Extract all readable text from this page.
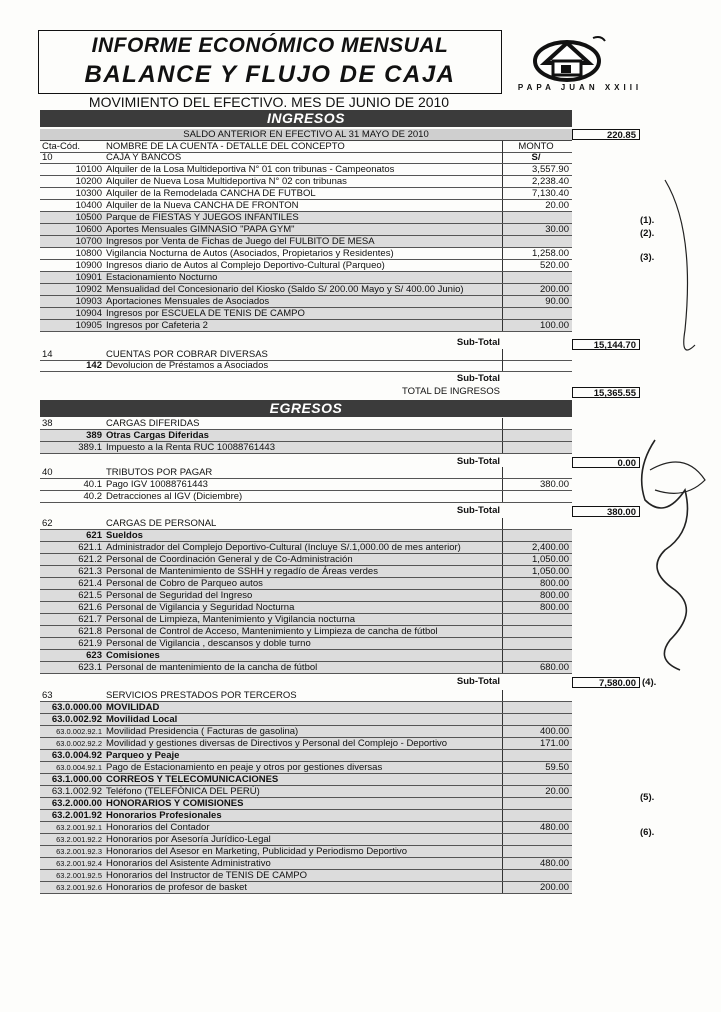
INFORME ECONÓMICO MENSUAL
BALANCE Y FLUJO DE CAJA	PAPA JUAN XXIII
MOVIMIENTO DEL EFECTIVO. MES DE JUNIO DE 2010
INGRESOS
SALDO ANTERIOR EN EFECTIVO AL 31 MAYO DE 2010	220.85
Cta-Cód.	NOMBRE DE LA CUENTA - DETALLE DEL CONCEPTO	MONTO
10	CAJA Y BANCOS	S/
10100 Alquiler de la Losa Multideportiva N° 01 con tribunas - Campeonatos	3,557.90
10200 Alquiler de Nueva Losa Multideportiva N° 02 con tribunas	2,238.40
10300 Alquiler de la Remodelada CANCHA DE FUTBOL	7,130.40
10400 Alquiler de la Nueva CANCHA DE FRONTON	20.00
10500 Parque de FIESTAS Y JUEGOS INFANTILES
10600 Aportes Mensuales GIMNASIO "PAPA GYM"	30.00
10700 Ingresos por Venta de Fichas de Juego del FULBITO DE MESA
10800 Vigilancia Nocturna de Autos (Asociados, Propietarios y Residentes)	1,258.00
10900 Ingresos diario de Autos al Complejo Deportivo-Cultural (Parqueo)	520.00
10901 Estacionamiento Nocturno
10902 Mensualidad del Concesionario del Kiosko (Saldo S/ 200.00 Mayo y S/ 400.00 Junio)	200.00
10903 Aportaciones Mensuales de Asociados	90.00
10904 Ingresos por ESCUELA DE TENIS DE CAMPO
10905 Ingresos por Cafeteria 2	100.00
Sub-Total	15,144.70
14	CUENTAS POR COBRAR DIVERSAS
142 Devolucion de Préstamos a Asociados
Sub-Total
TOTAL DE INGRESOS	15,365.55
(1).
(2).
(3).
EGRESOS
38	CARGAS DIFERIDAS
389 Otras Cargas Diferidas
389.1 Impuesto a la Renta RUC 10088761443
Sub-Total	0.00
40	TRIBUTOS POR PAGAR
40.1 Pago IGV 10088761443	380.00
40.2 Detracciones al IGV (Diciembre)
Sub-Total	380.00
62	CARGAS DE PERSONAL
621 Sueldos
621.1 Administrador del Complejo Deportivo-Cultural (Incluye S/.1,000.00 de mes anterior)	2,400.00
621.2 Personal de Coordinación General y de Co-Administración	1,050.00
621.3 Personal de Mantenimiento de SSHH y regadío de Áreas verdes	1,050.00
621.4 Personal de Cobro de Parqueo autos	800.00
621.5 Personal de Seguridad del Ingreso	800.00
621.6 Personal de Vigilancia y Seguridad Nocturna	800.00
621.7 Personal de Limpieza, Mantenimiento y Vigilancia nocturna
621.8 Personal de Control de Acceso, Mantenimiento y Limpieza de cancha de fútbol
621.9 Personal de Vigilancia , descansos y doble turno
623 Comisiones
623.1 Personal de mantenimiento de la cancha de fútbol	680.00
Sub-Total	7,580.00 (4).
63	SERVICIOS PRESTADOS POR TERCEROS
63.0.000.00 MOVILIDAD
63.0.002.92 Movilidad Local
63.0.002.92.1 Movilidad Presidencia ( Facturas de gasolina)	400.00
63.0.002.92.2 Movilidad y gestiones diversas de Directivos y Personal del Complejo - Deportivo	171.00
63.0.004.92 Parqueo y Peaje
63.0.004.92.1 Pago de Estacionamiento en peaje y otros por gestiones diversas	59.50
63.1.000.00 CORREOS Y TELECOMUNICACIONES
63.1.002.92 Teléfono (TELEFÓNICA DEL PERÚ)	20.00
63.2.000.00 HONORARIOS Y COMISIONES
63.2.001.92 Honorarios Profesionales
63.2.001.92.1 Honorarios del Contador	480.00
63.2.001.92.2 Honorarios por Asesoría Jurídico-Legal
63.2.001.92.3 Honorarios del Asesor en Marketing, Publicidad y Periodismo Deportivo
63.2.001.92.4 Honorarios del Asistente Administrativo	480.00
63.2.001.92.5 Honorarios del Instructor de TENIS DE CAMPO
63.2.001.92.6 Honorarios de profesor de basket	200.00
(5).
(6).
